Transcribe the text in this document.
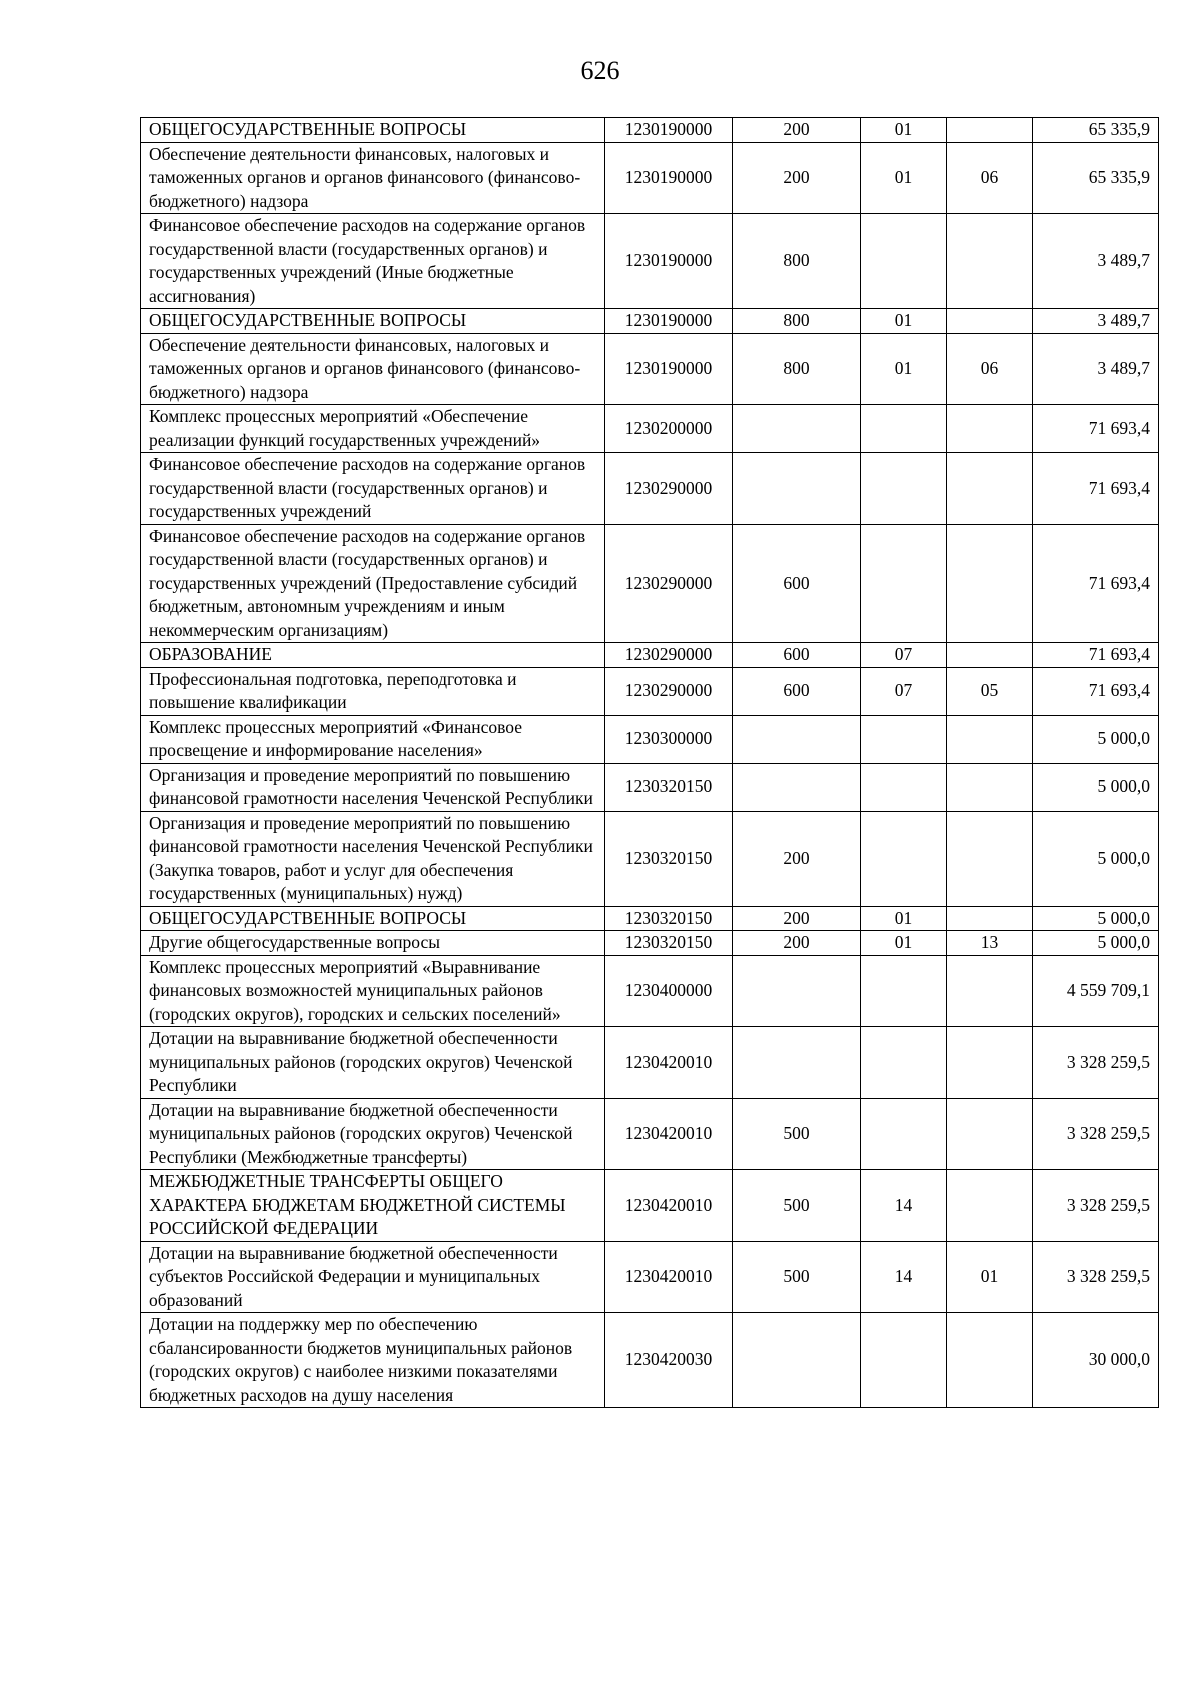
626
ОБЩЕГОСУДАРСТВЕННЫЕ ВОПРОСЫ	1230190000	200	01		65 335,9
Обеспечение деятельности финансовых, налоговых и таможенных органов и органов финансового (финансово-бюджетного) надзора	1230190000	200	01	06	65 335,9
Финансовое обеспечение расходов на содержание органов государственной власти (государственных органов) и государственных учреждений (Иные бюджетные ассигнования)	1230190000	800			3 489,7
ОБЩЕГОСУДАРСТВЕННЫЕ ВОПРОСЫ	1230190000	800	01		3 489,7
Обеспечение деятельности финансовых, налоговых и таможенных органов и органов финансового (финансово-бюджетного) надзора	1230190000	800	01	06	3 489,7
Комплекс процессных мероприятий «Обеспечение реализации функций государственных учреждений»	1230200000				71 693,4
Финансовое обеспечение расходов на содержание органов государственной власти (государственных органов) и государственных учреждений	1230290000				71 693,4
Финансовое обеспечение расходов на содержание органов государственной власти (государственных органов) и государственных учреждений (Предоставление субсидий бюджетным, автономным учреждениям и иным некоммерческим организациям)	1230290000	600			71 693,4
ОБРАЗОВАНИЕ	1230290000	600	07		71 693,4
Профессиональная подготовка, переподготовка и повышение квалификации	1230290000	600	07	05	71 693,4
Комплекс процессных мероприятий «Финансовое просвещение и информирование населения»	1230300000				5 000,0
Организация и проведение мероприятий по повышению финансовой грамотности населения Чеченской Республики	1230320150				5 000,0
Организация и проведение мероприятий по повышению финансовой грамотности населения Чеченской Республики (Закупка товаров, работ и услуг для обеспечения государственных (муниципальных) нужд)	1230320150	200			5 000,0
ОБЩЕГОСУДАРСТВЕННЫЕ ВОПРОСЫ	1230320150	200	01		5 000,0
Другие общегосударственные вопросы	1230320150	200	01	13	5 000,0
Комплекс процессных мероприятий «Выравнивание финансовых возможностей муниципальных районов (городских округов), городских и сельских поселений»	1230400000				4 559 709,1
Дотации на выравнивание бюджетной обеспеченности муниципальных районов (городских округов) Чеченской Республики	1230420010				3 328 259,5
Дотации на выравнивание бюджетной обеспеченности муниципальных районов (городских округов) Чеченской Республики (Межбюджетные трансферты)	1230420010	500			3 328 259,5
МЕЖБЮДЖЕТНЫЕ ТРАНСФЕРТЫ ОБЩЕГО ХАРАКТЕРА БЮДЖЕТАМ БЮДЖЕТНОЙ СИСТЕМЫ РОССИЙСКОЙ ФЕДЕРАЦИИ	1230420010	500	14		3 328 259,5
Дотации на выравнивание бюджетной обеспеченности субъектов Российской Федерации и муниципальных образований	1230420010	500	14	01	3 328 259,5
Дотации на поддержку мер по обеспечению сбалансированности бюджетов муниципальных районов (городских округов) с наиболее низкими показателями бюджетных расходов на душу населения	1230420030				30 000,0
